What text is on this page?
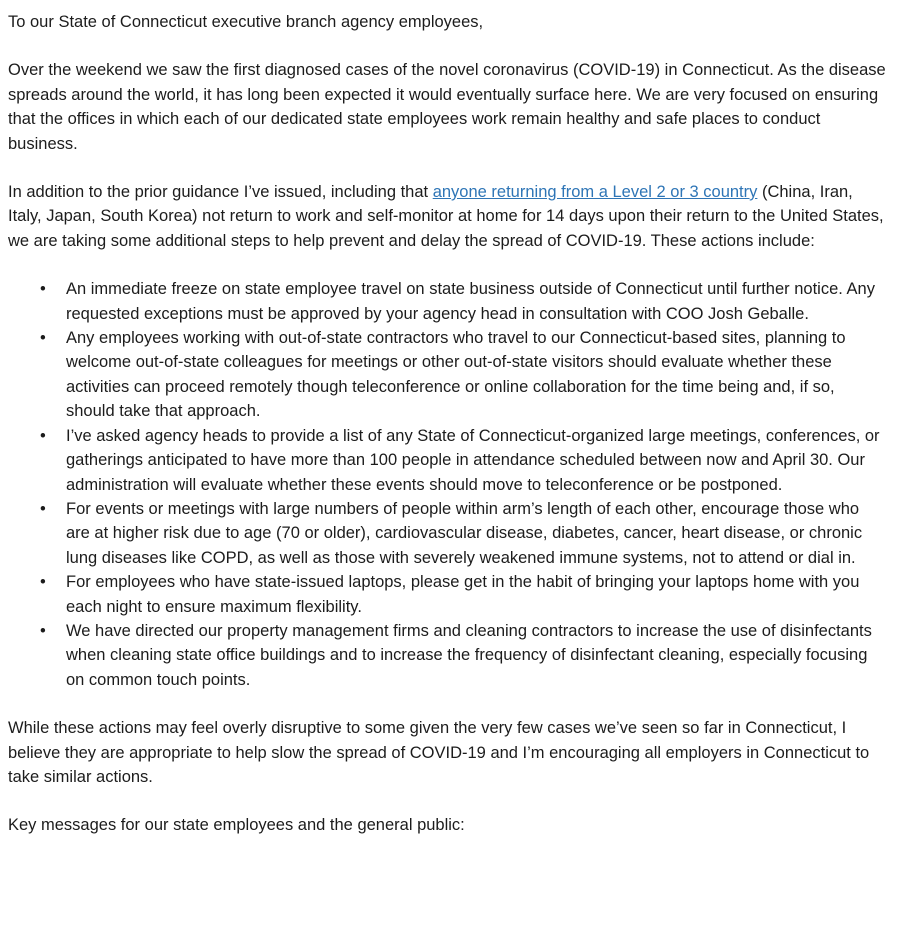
To our State of Connecticut executive branch agency employees,

Over the weekend we saw the first diagnosed cases of the novel coronavirus (COVID-19) in Connecticut. As the disease spreads around the world, it has long been expected it would eventually surface here. We are very focused on ensuring that the offices in which each of our dedicated state employees work remain healthy and safe places to conduct business.

In addition to the prior guidance I’ve issued, including that anyone returning from a Level 2 or 3 country (China, Iran, Italy, Japan, South Korea) not return to work and self-monitor at home for 14 days upon their return to the United States, we are taking some additional steps to help prevent and delay the spread of COVID-19. These actions include:

• An immediate freeze on state employee travel on state business outside of Connecticut until further notice. Any requested exceptions must be approved by your agency head in consultation with COO Josh Geballe.
• Any employees working with out-of-state contractors who travel to our Connecticut-based sites, planning to welcome out-of-state colleagues for meetings or other out-of-state visitors should evaluate whether these activities can proceed remotely though teleconference or online collaboration for the time being and, if so, should take that approach.
• I’ve asked agency heads to provide a list of any State of Connecticut-organized large meetings, conferences, or gatherings anticipated to have more than 100 people in attendance scheduled between now and April 30. Our administration will evaluate whether these events should move to teleconference or be postponed.
• For events or meetings with large numbers of people within arm’s length of each other, encourage those who are at higher risk due to age (70 or older), cardiovascular disease, diabetes, cancer, heart disease, or chronic lung diseases like COPD, as well as those with severely weakened immune systems, not to attend or dial in.
• For employees who have state-issued laptops, please get in the habit of bringing your laptops home with you each night to ensure maximum flexibility.
• We have directed our property management firms and cleaning contractors to increase the use of disinfectants when cleaning state office buildings and to increase the frequency of disinfectant cleaning, especially focusing on common touch points.

While these actions may feel overly disruptive to some given the very few cases we’ve seen so far in Connecticut, I believe they are appropriate to help slow the spread of COVID-19 and I’m encouraging all employers in Connecticut to take similar actions.

Key messages for our state employees and the general public:
